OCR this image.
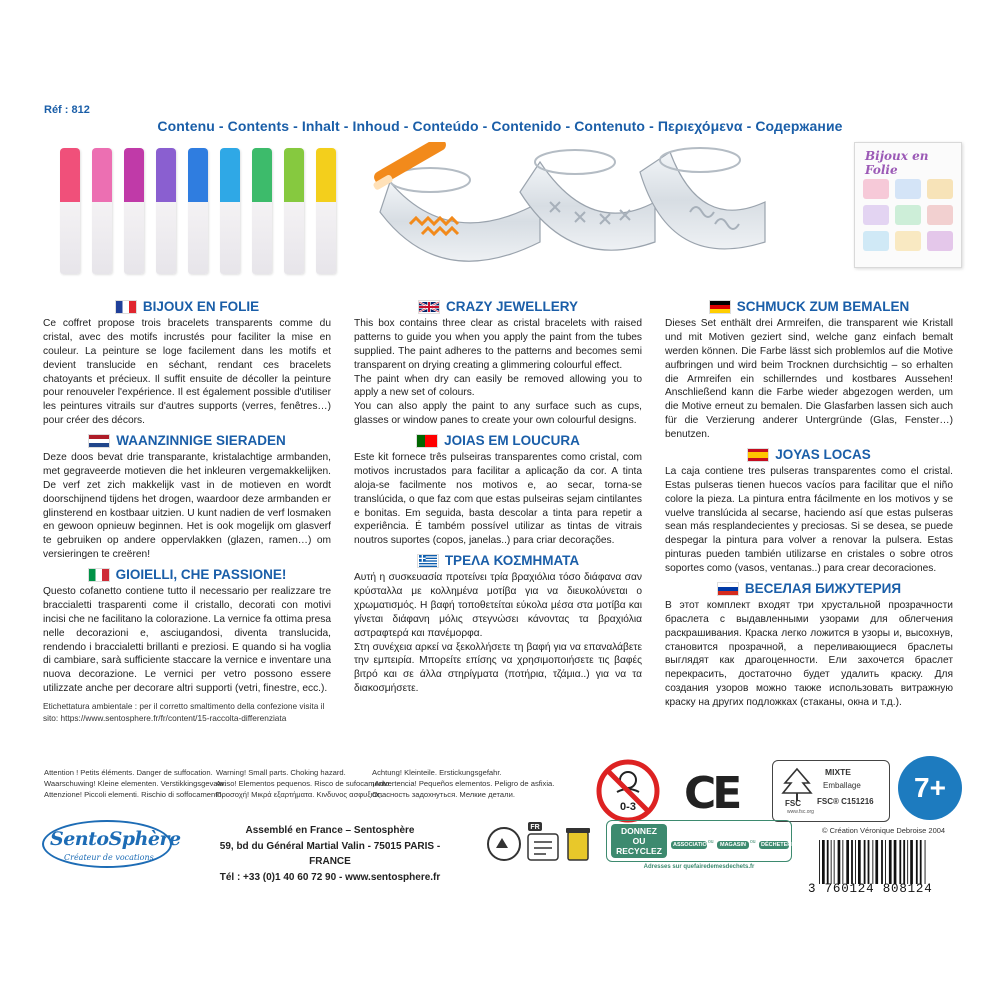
Réf : 812
Contenu - Contents - Inhalt - Inhoud - Conteúdo - Contenido - Contenuto - Περιεχόμενα - Содержание
Bijoux en Folie
BIJOUX EN FOLIE
Ce coffret propose trois bracelets transparents comme du cristal, avec des motifs incrustés pour faciliter la mise en couleur. La peinture se loge facilement dans les motifs et devient translucide en séchant, rendant ces bracelets chatoyants et précieux. Il suffit ensuite de décoller la peinture pour renouveler l'expérience. Il est également possible d'utiliser les peintures vitrails sur d'autres supports (verres, fenêtres…) pour créer des décors.
WAANZINNIGE SIERADEN
Deze doos bevat drie transparante, kristalachtige armbanden, met gegraveerde motieven die het inkleuren vergemakkelijken. De verf zet zich makkelijk vast in de motieven en wordt doorschijnend tijdens het drogen, waardoor deze armbanden er glinsterend en kostbaar uitzien. U kunt nadien de verf losmaken en gewoon opnieuw beginnen. Het is ook mogelijk om glasverf te gebruiken op andere oppervlakken (glazen, ramen…) om versieringen te creëren!
GIOIELLI, CHE PASSIONE!
Questo cofanetto contiene tutto il necessario per realizzare tre braccialetti trasparenti come il cristallo, decorati con motivi incisi che ne facilitano la colorazione. La vernice fa ottima presa nelle decorazioni e, asciugandosi, diventa translucida, rendendo i braccialetti brillanti e preziosi. E quando si ha voglia di cambiare, sarà sufficiente staccare la vernice e inventare una nuova decorazione. Le vernici per vetro possono essere utilizzate anche per decorare altri supporti (vetri, finestre, ecc.).
Etichettatura ambientale : per il corretto smaltimento della confezione visita il sito: https://www.sentosphere.fr/fr/content/15-raccolta-differenziata
CRAZY JEWELLERY

This box contains three clear as cristal bracelets with raised patterns to guide you when you apply the paint from the tubes supplied. The paint adheres to the patterns and becomes semi transparent on drying creating a glimmering colourful effect.

The paint when dry can easily be removed allowing you to apply a new set of colours.

You can also apply the paint to any surface such as cups, glasses or window panes to create your own colourful designs.

JOIAS EM LOUCURA
Este kit fornece três pulseiras transparentes como cristal, com motivos incrustados para facilitar a aplicação da cor. A tinta aloja-se facilmente nos motivos e, ao secar, torna-se translúcida, o que faz com que estas pulseiras sejam cintilantes e bonitas. Em seguida, basta descolar a tinta para repetir a experiência. É também possível utilizar as tintas de vitrais noutros suportes (copos, janelas..) para criar decorações.
ΤΡΕΛΑ ΚΟΣΜΗΜΑΤΑ

Αυτή η συσκευασία προτείνει τρία βραχιόλια τόσο διάφανα σαν κρύσταλλα με κολλημένα μοτίβα για να διευκολύνεται ο χρωματισμός. Η βαφή τοποθετείται εύκολα μέσα στα μοτίβα και γίνεται διάφανη μόλις στεγνώσει κάνοντας τα βραχιόλια αστραφτερά και πανέμορφα.

Στη συνέχεια αρκεί να ξεκολλήσετε τη βαφή για να επαναλάβετε την εμπειρία. Μπορείτε επίσης να χρησιμοποιήσετε τις βαφές βιτρό και σε άλλα στηρίγματα (ποτήρια, τζάμια..) για να τα διακοσμήσετε.

SCHMUCK ZUM BEMALEN
Dieses Set enthält drei Armreifen, die transparent wie Kristall und mit Motiven geziert sind, welche ganz einfach bemalt werden können. Die Farbe lässt sich problemlos auf die Motive aufbringen und wird beim Trocknen durchsichtig – so erhalten die Armreifen ein schillerndes und kostbares Aussehen! Anschließend kann die Farbe wieder abgezogen werden, um die Motive erneut zu bemalen. Die Glasfarben lassen sich auch für die Verzierung anderer Untergründe (Glas, Fenster…) benutzen.
JOYAS LOCAS
La caja contiene tres pulseras transparentes como el cristal. Estas pulseras tienen huecos vacíos para facilitar que el niño colore la pieza. La pintura entra fácilmente en los motivos y se vuelve translúcida al secarse, haciendo así que estas pulseras sean más resplandecientes y preciosas. Si se desea, se puede despegar la pintura para volver a renovar la pulsera. Estas pinturas pueden también utilizarse en cristales o sobre otros soportes como (vasos, ventanas..) para crear decoraciones.
ВЕСЕЛАЯ БИЖУТЕРИЯ
В этот комплект входят три хрустальной прозрачности браслета с выдавленными узорами для облегчения раскрашивания. Краска легко ложится в узоры и, высохнув, становится прозрачной, а переливающиеся браслеты выглядят как драгоценности. Ели захочется браслет перекрасить, достаточно будет удалить краску. Для создания узоров можно также использовать витражную краску на других подложках (стаканы, окна и т.д.).
Attention ! Petits éléments. Danger de suffocation.
Waarschuwing! Kleine elementen. Verstikkingsgevaar.
Attenzione! Piccoli elementi. Rischio di soffocamento.
Warning! Small parts. Choking hazard.
Aviso! Elementos pequenos. Risco de sufocamento.
Προσοχή! Μικρά εξαρτήματα. Κινδυνος ασφυξιας.
Achtung! Kleinteile. Erstickungsgefahr.
¡Advertencia! Pequeños elementos. Peligro de asfixia.
Опасность задохнуться. Мелкие детали.
0-3 CE	FSC
MIXTE
Emballage
FSC® C151216
www.fsc.org
7+
SentoSphère
Créateur de vocations
Assemblé en France – Sentosphère
59, bd du Général Martial Valin - 75015 PARIS - FRANCE
Tél : +33 (0)1 40 60 72 90 - www.sentosphere.fr
FR	DONNEZ
OU
RECYCLEZ
ASSOCIATION
ou	MAGASIN ou DÉCHETERIE
Adresses sur quefairedemesdechets.fr
© Création Véronique Debroise 2004
3 760124 808124
